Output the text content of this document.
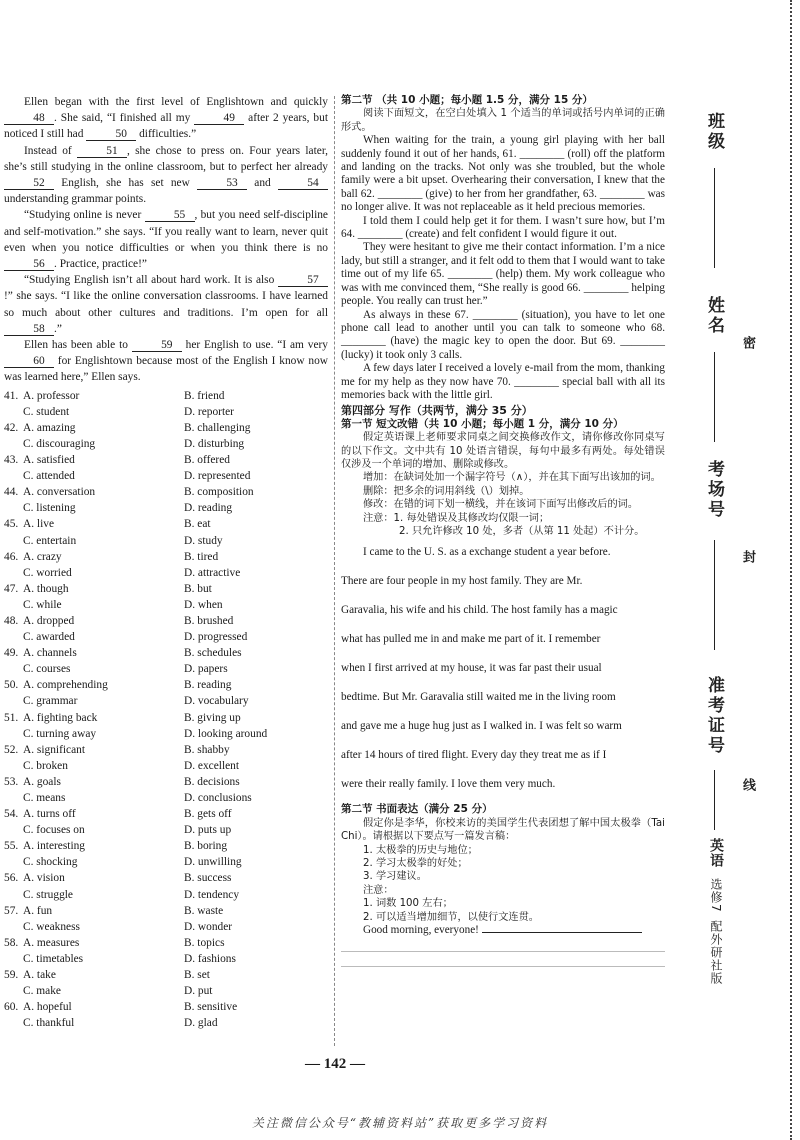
Ellen began with the first level of Englishtown and quickly 48 . She said, “I finished all my	49 after 2 years, but noticed I still had	50 difficulties.”

Instead of	51 , she chose to press on. Four years later, she’s still studying in the online classroom, but to perfect her already 52 English, she has set new	53 and	54 understanding grammar points.

“Studying online is never	55 , but you need self-discipline and self-motivation.” she says. “If you really want to learn, never quit even when you notice difficulties or when you think there is no 56 . Practice, practice!”

“Studying English isn’t all about hard work. It is also	57!” she says. “I like the online conversation classrooms. I have learned so much about other cultures and traditions. I’m open for all 58 .”

Ellen has been able to	59 her English to use. “I am very 60 for Englishtown because most of the English I know now was learned here,” Ellen says.

41. A. professor	B. friend
C. student	D. reporter
42. A. amazing	B. challenging
C. discouraging	D. disturbing
43. A. satisfied	B. offered
C. attended	D. represented
44. A. conversation	B. composition
C. listening	D. reading
45. A. live	B. eat
C. entertain	D. study
46. A. crazy	B. tired
C. worried	D. attractive
47. A. though	B. but
C. while	D. when
48. A. dropped	B. brushed
C. awarded	D. progressed
49. A. channels	B. schedules
C. courses	D. papers
50. A. comprehending	B. reading
C. grammar	D. vocabulary
51. A. fighting back	B. giving up
C. turning away	D. looking around
52. A. significant	B. shabby
C. broken	D. excellent
53. A. goals	B. decisions
C. means	D. conclusions
54. A. turns off	B. gets off
C. focuses on	D. puts up
55. A. interesting	B. boring
C. shocking	D. unwilling
56. A. vision	B. success
C. struggle	D. tendency
57. A. fun	B. waste
C. weakness	D. wonder
58. A. measures	B. topics
C. timetables	D. fashions
59. A. take	B. set
C. make	D. put
60. A. hopeful	B. sensitive
C. thankful	D. glad

第二节 （共 10 小题；每小题 1.5 分，满分 15 分）

阅读下面短文，在空白处填入 1 个适当的单词或括号内单词的正确形式。

When waiting for the train, a young girl playing with her ball suddenly found it out of her hands, 61. ________ (roll) off the platform and landing on the tracks. Not only was she troubled, but the whole family were a bit upset. Overhearing their conversation, I knew that the ball 62. ________ (give) to her from her grandfather, 63. ________ was no longer alive. It was not replaceable as it held precious memories.

I told them I could help get it for them. I wasn’t sure how, but I’m 64. ________ (create) and felt confident I would figure it out.

They were hesitant to give me their contact information. I’m a nice lady, but still a stranger, and it felt odd to them that I would want to take time out of my life 65. ________ (help) them. My work colleague who was with me convinced them, “She really is good 66. ________ helping people. You really can trust her.”

As always in these 67. ________ (situation), you have to let one phone call lead to another until you can talk to someone who 68. ________ (have) the magic key to open the door. But 69. ________ (lucky) it took only 3 calls.

A few days later I received a lovely e-mail from the mom, thanking me for my help as they now have 70. ________ special ball with all its memories back with the little girl.

第四部分 写作（共两节，满分 35 分）

第一节 短文改错（共 10 小题；每小题 1 分，满分 10 分）

假定英语课上老师要求同桌之间交换修改作文，请你修改你同桌写的以下作文。文中共有 10 处语言错误，每句中最多有两处。每处错误仅涉及一个单词的增加、删除或修改。

增加：在缺词处加一个漏字符号（∧），并在其下面写出该加的词。

删除：把多余的词用斜线（\）划掉。

修改：在错的词下划一横线，并在该词下面写出修改后的词。

注意：1. 每处错误及其修改均仅限一词；

2. 只允许修改 10 处，多者（从第 11 处起）不计分。

I came to the U. S. as a exchange student a year before.

There are four people in my host family. They are Mr.

Garavalia, his wife and his child. The host family has a magic

what has pulled me in and make me part of it. I remember

when I first arrived at my house, it was far past their usual

bedtime. But Mr. Garavalia still waited me in the living room

and gave me a huge hug just as I walked in. I was felt so warm

after 14 hours of tired flight. Every day they treat me as if I

were their really family. I love them very much.

第二节 书面表达（满分 25 分）

假定你是李华，你校来访的美国学生代表团想了解中国太极拳（Tai Chi）。请根据以下要点写一篇发言稿：

1. 太极拳的历史与地位；

2. 学习太极拳的好处；

3. 学习建议。

注意：

1. 词数 100 左右；

2. 可以适当增加细节，以使行文连贯。

Good morning, everyone!

— 142 —
关注微信公众号“教辅资料站”获取更多学习资料
班级
姓名
密
考场号
封
准考证号
线
英语
选修7
配外研社版
